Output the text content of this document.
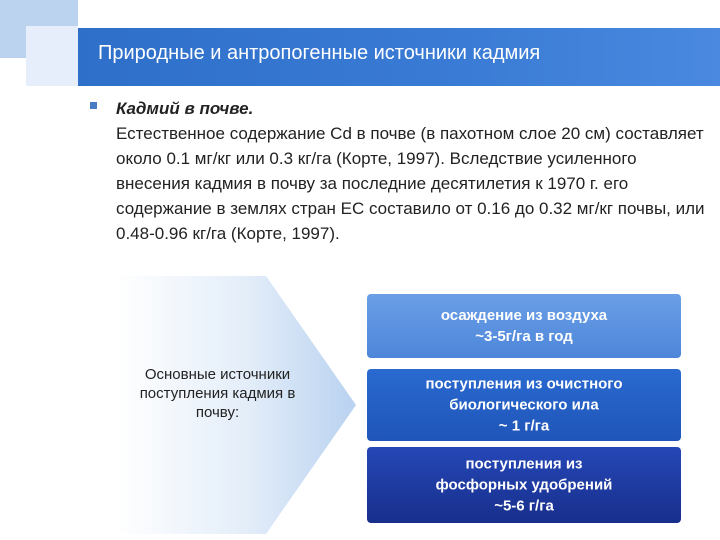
Природные и антропогенные источники кадмия
Кадмий в почве.
Естественное содержание Cd в почве (в пахотном слое 20 см) составляет около 0.1 мг/кг или 0.3 кг/га (Корте, 1997). Вследствие усиленного внесения кадмия в почву за последние десятилетия к 1970 г. его содержание в землях стран ЕС составило от 0.16 до 0.32 мг/кг почвы, или 0.48-0.96 кг/га (Корте, 1997).
Основные источники поступления кадмия в почву:
осаждение из воздуха
~3-5г/га в год
поступления из очистного
биологического ила
~ 1 г/га
поступления из
фосфорных удобрений
~5-6 г/га
